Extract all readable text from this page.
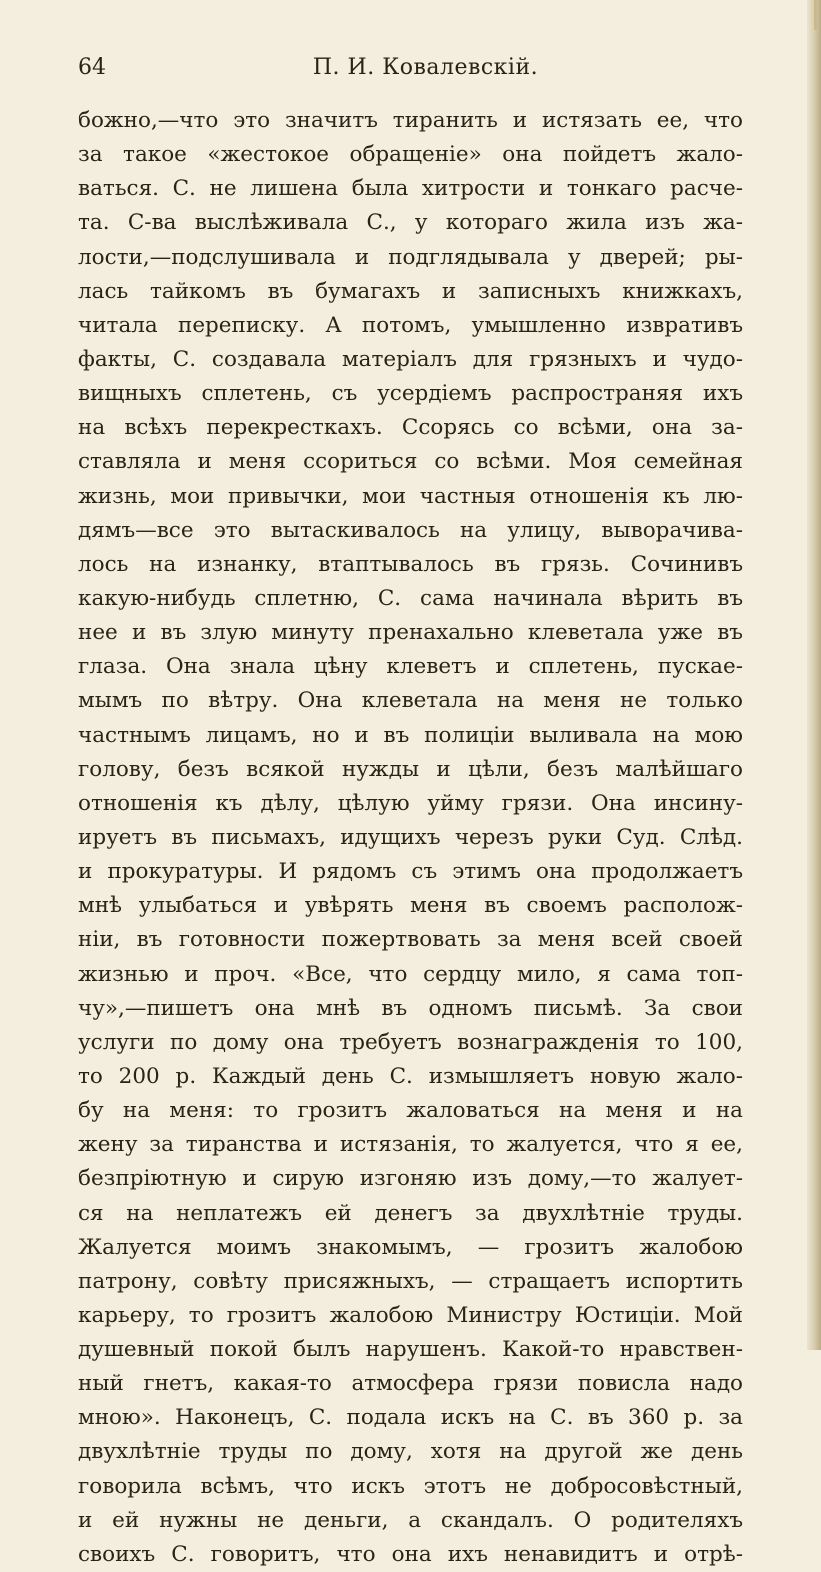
64	П. И. Ковалевскій.
божно,—что это значитъ тиранить и истязать ее, что
за такое «жестокое обращеніе» она пойдетъ жало-
ваться. С. не лишена была хитрости и тонкаго расче-
та. С-ва выслѣживала С., у котораго жила изъ жа-
лости,—подслушивала и подглядывала у дверей; ры-
лась тайкомъ въ бумагахъ и записныхъ книжкахъ,
читала переписку. А потомъ, умышленно извративъ
факты, С. создавала матеріалъ для грязныхъ и чудо-
вищныхъ сплетень, съ усердіемъ распространяя ихъ
на всѣхъ перекресткахъ. Ссорясь со всѣми, она за-
ставляла и меня ссориться со всѣми. Моя семейная
жизнь, мои привычки, мои частныя отношенія къ лю-
дямъ—все это вытаскивалось на улицу, выворачива-
лось на изнанку, втаптывалось въ грязь. Сочинивъ
какую-нибудь сплетню, С. сама начинала вѣрить въ
нее и въ злую минуту пренахально клеветала уже въ
глаза. Она знала цѣну клеветъ и сплетень, пускае-
мымъ по вѣтру. Она клеветала на меня не только
частнымъ лицамъ, но и въ полиціи выливала на мою
голову, безъ всякой нужды и цѣли, безъ малѣйшаго
отношенія къ дѣлу, цѣлую уйму грязи. Она инсину-
ируетъ въ письмахъ, идущихъ черезъ руки Суд. Слѣд.
и прокуратуры. И рядомъ съ этимъ она продолжаетъ
мнѣ улыбаться и увѣрять меня въ своемъ располож-
ніи, въ готовности пожертвовать за меня всей своей
жизнью и проч. «Все, что сердцу мило, я сама топ-
чу»,—пишетъ она мнѣ въ одномъ письмѣ. За свои
услуги по дому она требуетъ вознагражденія то 100,
то 200 р. Каждый день С. измышляетъ новую жало-
бу на меня: то грозитъ жаловаться на меня и на
жену за тиранства и истязанія, то жалуется, что я ее,
безпріютную и сирую изгоняю изъ дому,—то жалует-
ся на неплатежъ ей денегъ за двухлѣтніе труды.
Жалуется моимъ знакомымъ, — грозитъ жалобою
патрону, совѣту присяжныхъ, — стращаетъ испортить
карьеру, то грозитъ жалобою Министру Юстиціи. Мой
душевный покой былъ нарушенъ. Какой-то нравствен-
ный гнетъ, какая-то атмосфера грязи повисла надо
мною». Наконецъ, С. подала искъ на С. въ 360 р. за
двухлѣтніе труды по дому, хотя на другой же день
говорила всѣмъ, что искъ этотъ не добросовѣстный,
и ей нужны не деньги, а скандалъ. О родителяхъ
своихъ С. говоритъ, что она ихъ ненавидитъ и отрѣ-
